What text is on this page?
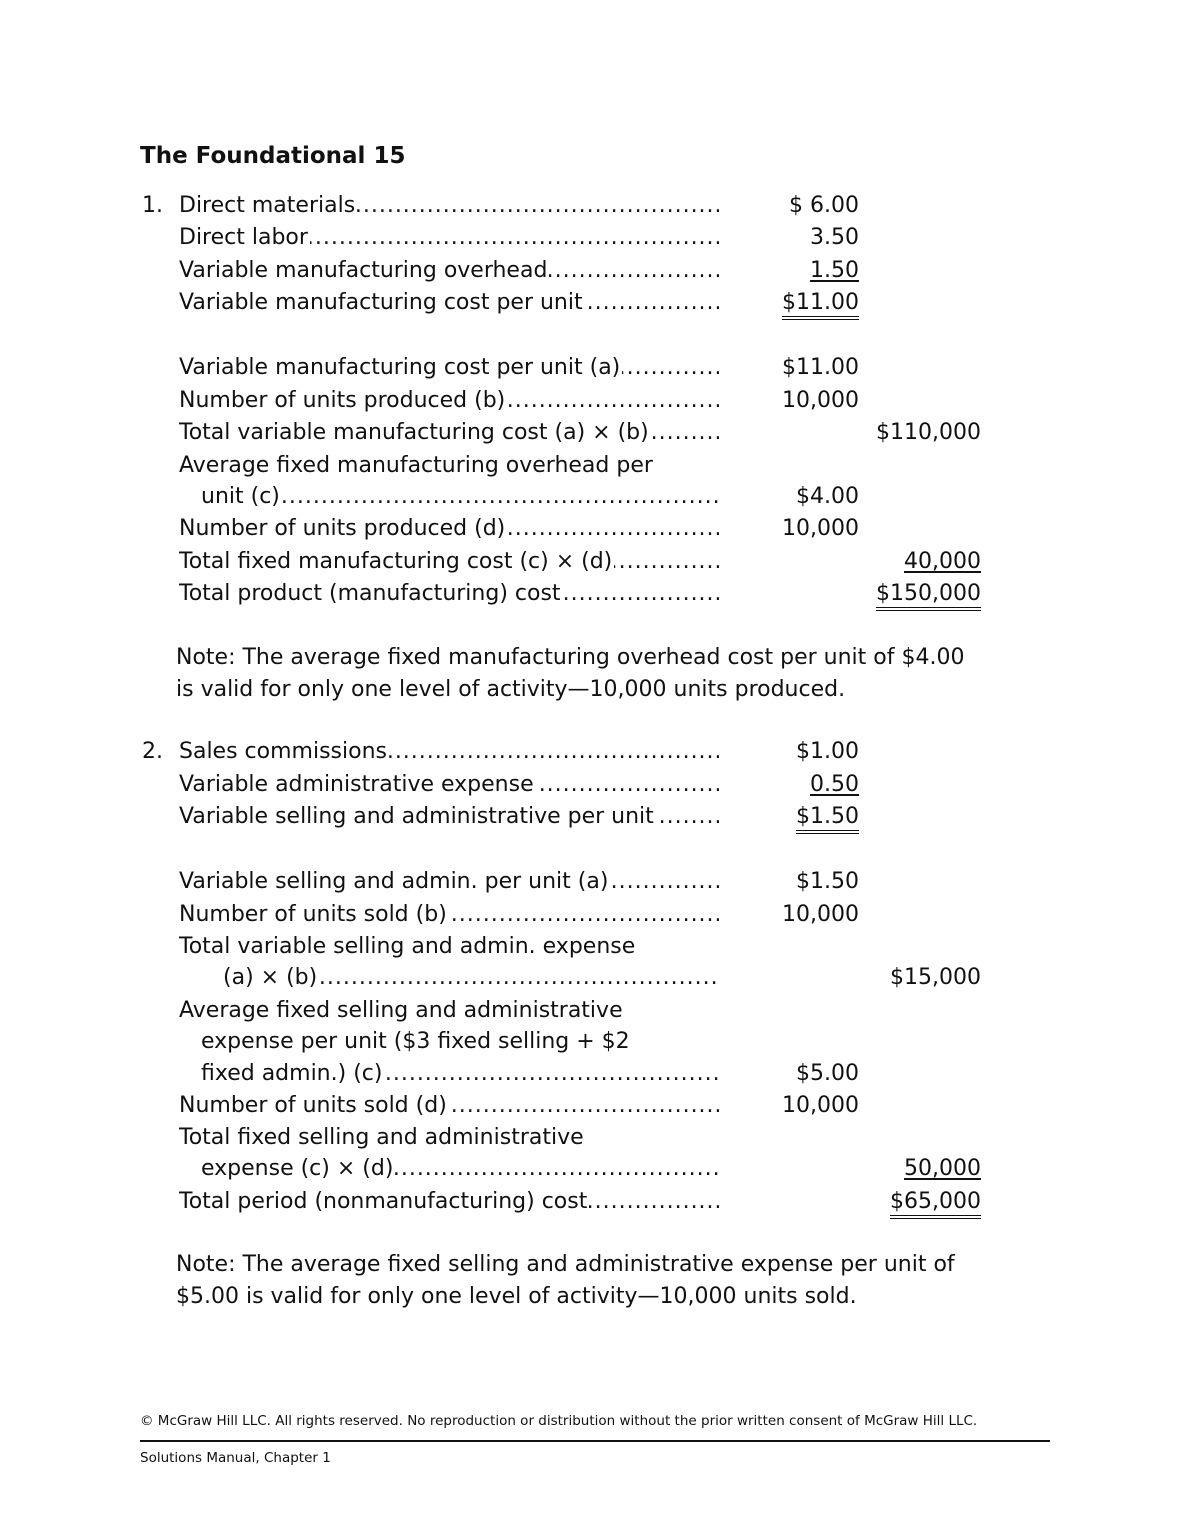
The Foundational 15
1. Direct materials .....	$ 6.00
Direct labor .....	3.50
Variable manufacturing overhead .....	1.50
Variable manufacturing cost per unit .....	$11.00
Variable manufacturing cost per unit (a) .....	$11.00
Number of units produced (b) .....	10,000
Total variable manufacturing cost (a) × (b) .....	$110,000
Average fixed manufacturing overhead per
unit (c) .....	$4.00
Number of units produced (d) .....	10,000
Total fixed manufacturing cost (c) × (d) .....	40,000
Total product (manufacturing) cost .....	$150,000
Note: The average fixed manufacturing overhead cost per unit of $4.00
is valid for only one level of activity—10,000 units produced.
2. Sales commissions .....	$1.00
Variable administrative expense .....	0.50
Variable selling and administrative per unit .....	$1.50
Variable selling and admin. per unit (a) .....	$1.50
Number of units sold (b) .....	10,000
Total variable selling and admin. expense
(a) × (b) .....	$15,000
Average fixed selling and administrative
expense per unit ($3 fixed selling + $2
fixed admin.) (c) .....	$5.00
Number of units sold (d) .....	10,000
Total fixed selling and administrative
expense (c) × (d) .....	50,000
Total period (nonmanufacturing) cost .....	$65,000
Note: The average fixed selling and administrative expense per unit of
$5.00 is valid for only one level of activity—10,000 units sold.
© McGraw Hill LLC. All rights reserved. No reproduction or distribution without the prior written consent of McGraw Hill LLC.
Solutions Manual, Chapter 1
